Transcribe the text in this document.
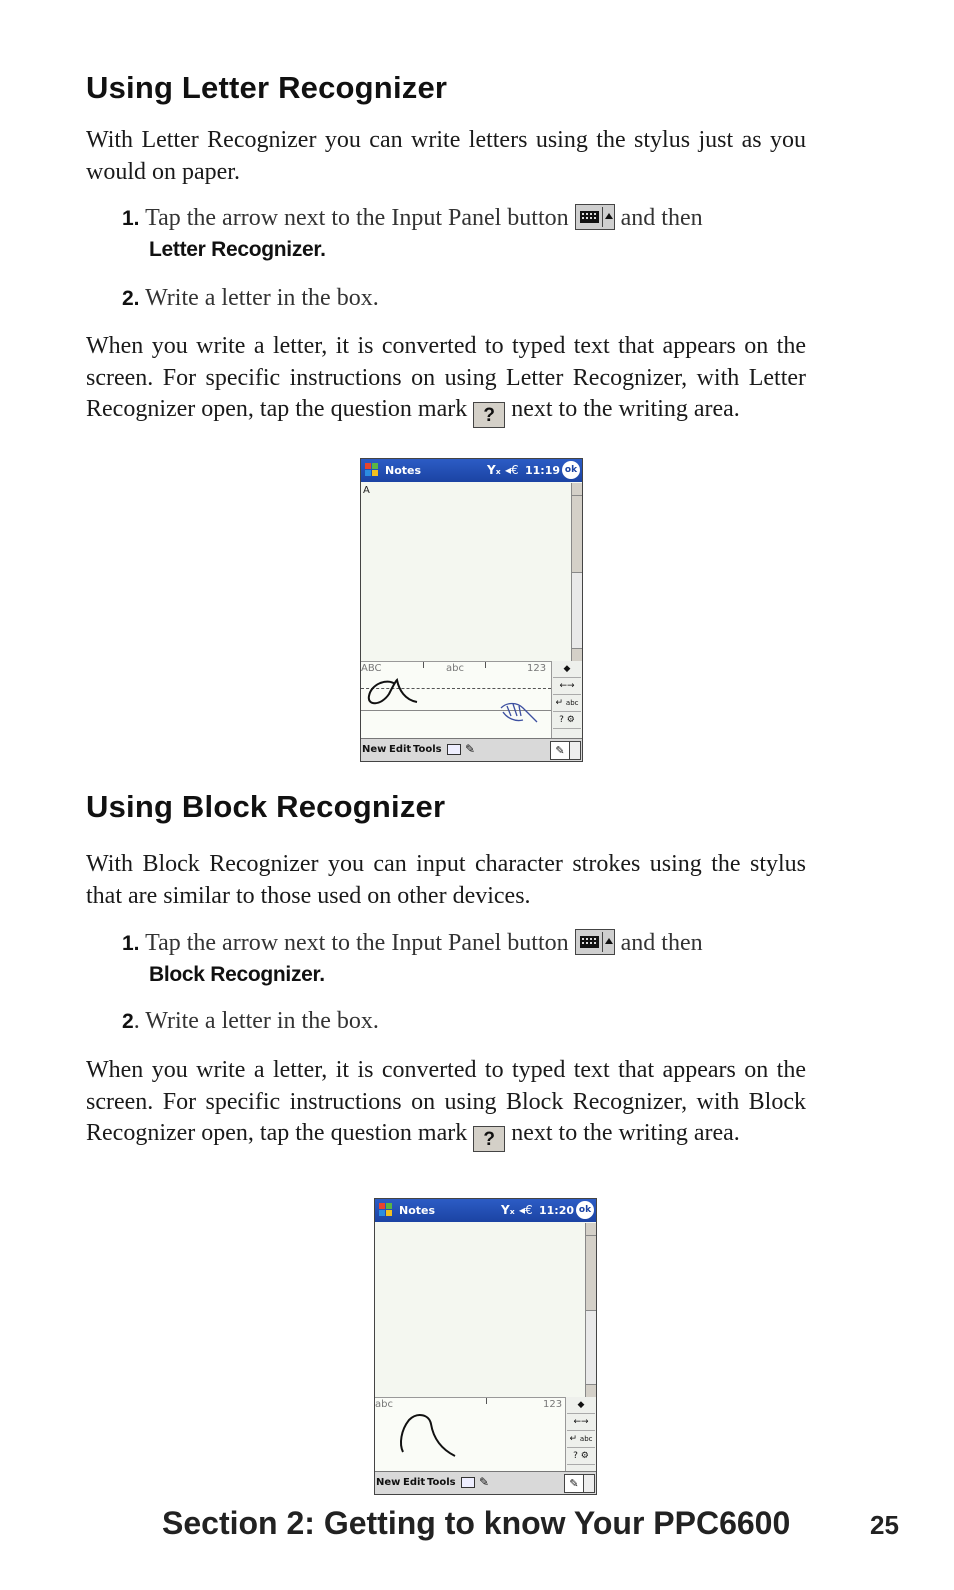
Using Letter Recognizer

With Letter Recognizer you can write letters using the stylus just as you would on paper.

1. Tap the arrow next to the Input Panel button and then
Letter Recognizer.
2. Write a letter in the box.

When you write a letter, it is converted to typed text that appears on the screen. For specific instructions on using Letter Recognizer, with Letter Recognizer open, tap the question mark ? next to the writing area.

Notes	Yₓ ◂€ 11:19 ok
A
ABC	abc	123	◆
←→
↵ abc
? ⚙
New Edit Tools ✎	✎
Using Block Recognizer

With Block Recognizer you can input character strokes using the stylus that are similar to those used on other devices.

1. Tap the arrow next to the Input Panel button and then
Block Recognizer.
2. Write a letter in the box.

When you write a letter, it is converted to typed text that appears on the screen. For specific instructions on using Block Recognizer, with Block Recognizer open, tap the question mark ? next to the writing area.

Notes	Yₓ ◂€ 11:20 ok
abc	123	◆
←→
↵ abc
? ⚙
New Edit Tools ✎	✎
Section 2: Getting to know Your PPC6600	25
